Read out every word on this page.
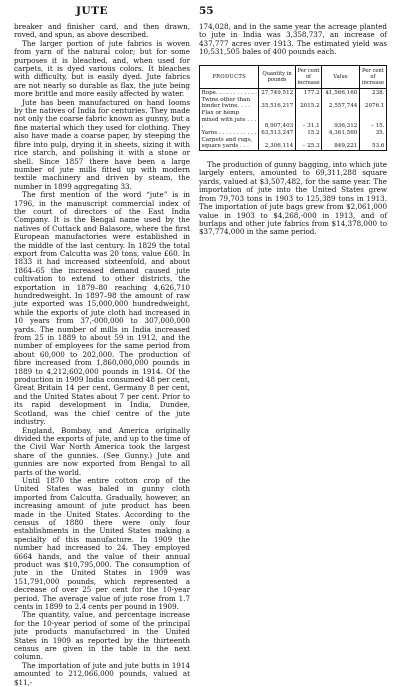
JUTE	55

breaker and finisher card, and then drawn, roved, and spun, as above described.

The larger portion of jute fabrics is woven from yarn of the natural color; but for some purposes it is bleached, and, when used for carpets, it is dyed various colors. It bleaches with difficulty, but is easily dyed. Jute fabrics are not nearly so durable as flax, the jute being more brittle and more easily affected by water.

Jute has been manufactured on hand looms by the natives of India for centuries. They made not only the coarse fabric known as gunny, but a fine material which they used for clothing. They also have made a coarse paper, by steeping the fibre into pulp, drying it in sheets, sizing it with rice starch, and polishing it with a stone or shell. Since 1857 there have been a large number of jute mills fitted up with modern textile machinery and driven by steam, the number in 1899 aggregating 33.

The first mention of the word “jute” is in 1796, in the manuscript commercial index of the court of directors of the East India Company. It is the Bengal name used by the natives of Cuttack and Balasore, where the first European manufactories were established in the middle of the last century. In 1829 the total export from Calcutta was 20 tons, value £60. In 1833 it had increased sixteenfold, and about 1864–65 the increased demand caused jute cultivation to extend to other districts, the exportation in 1879–80 reaching 4,626,710 hundredweight. In 1897–98 the amount of raw jute exported was 15,000,000 hundredweight, while the exports of jute cloth had increased in 10 years from 37,-000,000 to 307,000,000 yards. The number of mills in India increased from 25 in 1889 to about 59 in 1912, and the number of employees for the same period from about 60,000 to 202,000. The production of fibre increased from 1,860,000,000 pounds in 1889 to 4,212,602,000 pounds in 1914. Of the production in 1909 India consumed 48 per cent, Great Britain 14 per cent, Germany 8 per cent, and the United States about 7 per cent. Prior to its rapid development in India, Dundee, Scotland, was the chief centre of the jute industry.

England, Bombay, and America originally divided the exports of jute, and up to the time of the Civil War North America took the largest share of the gunnies. (See Gunny.) Jute and gunnies are now exported from Bengal to all parts of the world.

Until 1870 the entire cotton crop of the United States was baled in gunny cloth imported from Calcutta. Gradually, however, an increasing amount of jute product has been made in the United States. According to the census of 1880 there were only four establishments in the United States making a specialty of this manufacture. In 1909 the number had increased to 24. They employed 6664 hands, and the value of their annual product was $10,795,000. The consumption of jute in the United States in 1909 was 151,791,000 pounds, which represented a decrease of over 25 per cent for the 10-year period. The average value of jute rose from 1.7 cents in 1899 to 2.4 cents per pound in 1909.

The quantity, value, and percentage increase for the 10-year period of some of the principal jute products manufactured in the United States in 1909 as reported by the thirteenth census are given in the table in the next column.

The importation of jute and jute butts in 1914 amounted to 212,066,000 pounds, valued at $11,-

174,028, and in the same year the acreage planted to jute in India was 3,358,737, an increase of 437,777 acres over 1913. The estimated yield was 10,531,505 bales of 400 pounds each.

PRODUCTS	Quantity in pounds	Per cent of increase	Value	Per cent of increase
Rope. . . . . . . . . . . .	27,749,512	177.2	$1,566,160	238.
Twine other than binder twine. . . .	35,516,217	2015.2	2,557,744	2076.1
Flax or hemp mixed with jute . . . .	8,907,403	– 31.1	936,312	– 15.
Yarns . . . . . . . . . . .	63,513,247	15.2	4,361,560	35.
Carpets and rugs, square yards . . .	2,306,114	– 25.3	849,221	53.6

The production of gunny bagging, into which jute largely enters, amounted to 69,311,288 square yards, valued at $3,507,482, for the same year. The importation of jute into the United States grew from 79,703 tons in 1903 to 125,389 tons in 1913. The importation of jute bags grew from $2,061,000 value in 1903 to $4,268,-000 in 1913, and of burlaps and other jute fabrics from $14,378,000 to $37,774,000 in the same period.
